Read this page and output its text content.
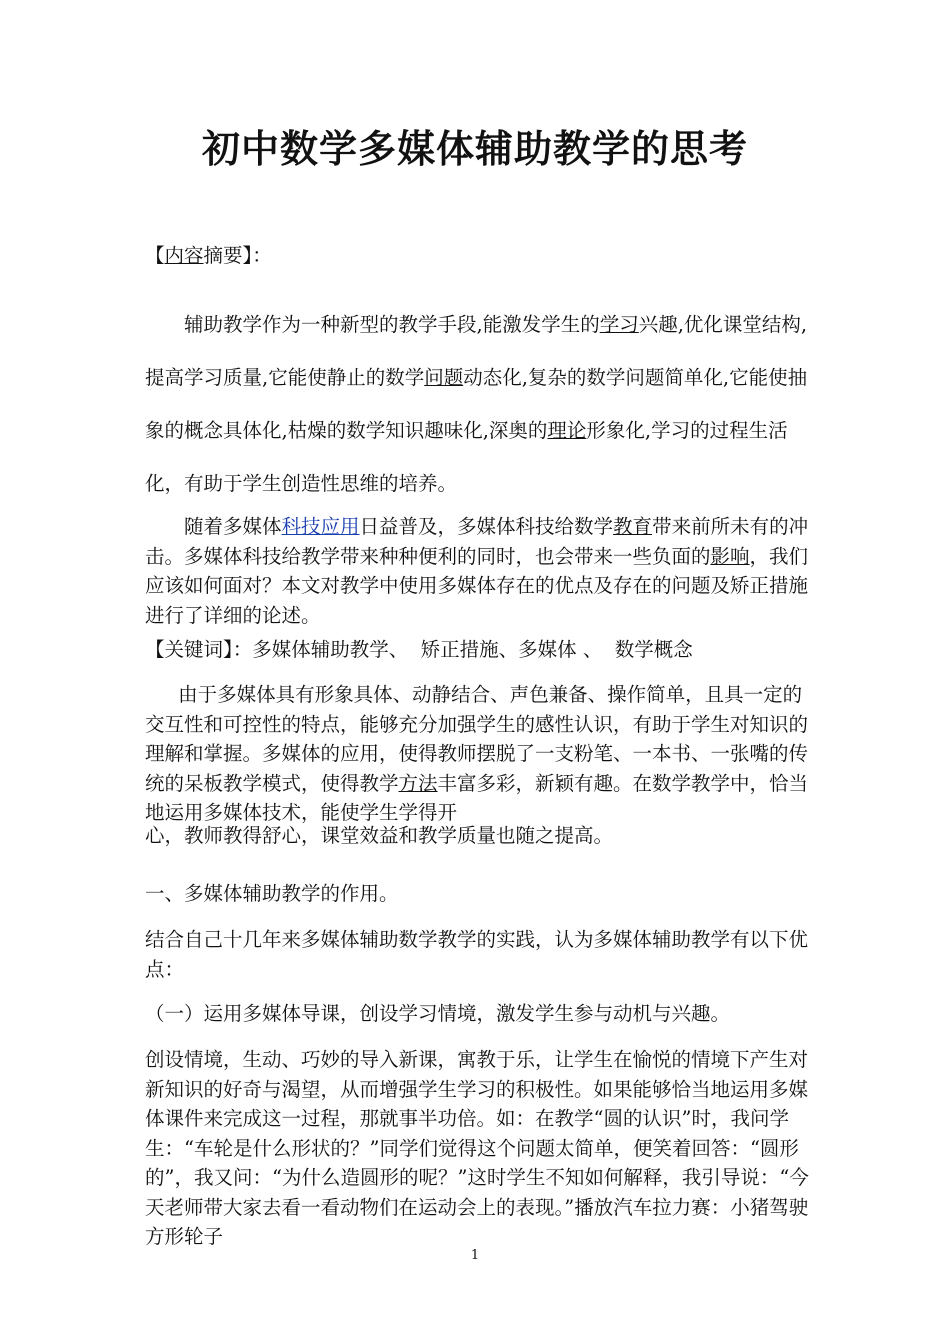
初中数学多媒体辅助教学的思考

【内容摘要】：

辅助教学作为一种新型的教学手段,能激发学生的学习兴趣,优化课堂结构,提高学习质量,它能使静止的数学问题动态化,复杂的数学问题简单化,它能使抽象的概念具体化,枯燥的数学知识趣味化,深奥的理论形象化,学习的过程生活化，有助于学生创造性思维的培养。

随着多媒体科技应用日益普及，多媒体科技给数学教育带来前所未有的冲击。多媒体科技给教学带来种种便利的同时，也会带来一些负面的影响，我们应该如何面对？本文对教学中使用多媒体存在的优点及存在的问题及矫正措施进行了详细的论述。

【关键词】：多媒体辅助教学、  矫正措施、多媒体 、  数学概念

由于多媒体具有形象具体、动静结合、声色兼备、操作简单，且具一定的交互性和可控性的特点，能够充分加强学生的感性认识，有助于学生对知识的理解和掌握。多媒体的应用，使得教师摆脱了一支粉笔、一本书、一张嘴的传统的呆板教学模式，使得教学方法丰富多彩，新颖有趣。在数学教学中，恰当地运用多媒体技术，能使学生学得开

心，教师教得舒心，课堂效益和教学质量也随之提高。

一、多媒体辅助教学的作用。

结合自己十几年来多媒体辅助数学教学的实践，认为多媒体辅助教学有以下优点：

（一）运用多媒体导课，创设学习情境，激发学生参与动机与兴趣。

创设情境，生动、巧妙的导入新课，寓教于乐，让学生在愉悦的情境下产生对新知识的好奇与渴望，从而增强学生学习的积极性。如果能够恰当地运用多媒体课件来完成这一过程，那就事半功倍。如：在教学“圆的认识”时，我问学生：“车轮是什么形状的？”同学们觉得这个问题太简单，便笑着回答：“圆形的”，我又问：“为什么造圆形的呢？”这时学生不知如何解释，我引导说：“今天老师带大家去看一看动物们在运动会上的表现。”播放汽车拉力赛：小猪驾驶方形轮子

1
